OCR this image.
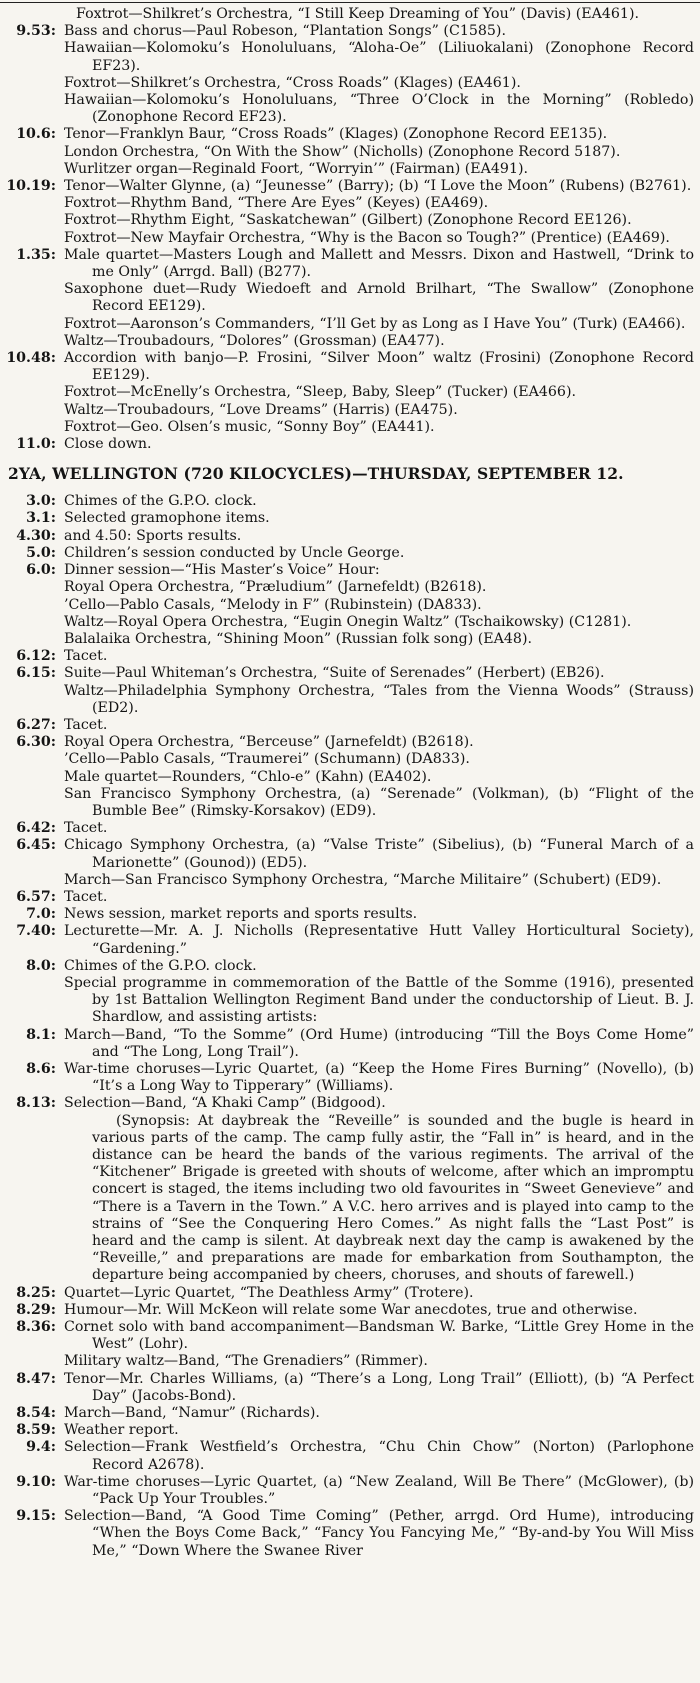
Foxtrot—Shilkret’s Orchestra, “I Still Keep Dreaming of You” (Davis) (EA461).
9.53 : Bass and chorus—Paul Robeson, “Plantation Songs” (C1585).
Hawaiian—Kolomoku’s Honoluluans, “Aloha-Oe” (Liliuokalani) (Zonophone Record EF23).
Foxtrot—Shilkret’s Orchestra, “Cross Roads” (Klages) (EA461).
Hawaiian—Kolomoku’s Honoluluans, “Three O’Clock in the Morning” (Robledo) (Zonophone Record EF23).
10.6 : Tenor—Franklyn Baur, “Cross Roads” (Klages) (Zonophone Record EE135).
London Orchestra, “On With the Show” (Nicholls) (Zonophone Record 5187).
Wurlitzer organ—Reginald Foort, “Worryin’” (Fairman) (EA491).
10.19 : Tenor—Walter Glynne, (a) “Jeunesse” (Barry); (b) “I Love the Moon” (Rubens) (B2761).
Foxtrot—Rhythm Band, “There Are Eyes” (Keyes) (EA469).
Foxtrot—Rhythm Eight, “Saskatchewan” (Gilbert) (Zonophone Record EE126).
Foxtrot—New Mayfair Orchestra, “Why is the Bacon so Tough?” (Prentice) (EA469).
1.35 : Male quartet—Masters Lough and Mallett and Messrs. Dixon and Hastwell, “Drink to me Only” (Arrgd. Ball) (B277).
Saxophone duet—Rudy Wiedoeft and Arnold Brilhart, “The Swallow” (Zonophone Record EE129).
Foxtrot—Aaronson’s Commanders, “I’ll Get by as Long as I Have You” (Turk) (EA466).
Waltz—Troubadours, “Dolores” (Grossman) (EA477).
10.48 : Accordion with banjo—P. Frosini, “Silver Moon” waltz (Frosini) (Zonophone Record EE129).
Foxtrot—McEnelly’s Orchestra, “Sleep, Baby, Sleep” (Tucker) (EA466).
Waltz—Troubadours, “Love Dreams” (Harris) (EA475).
Foxtrot—Geo. Olsen’s music, “Sonny Boy” (EA441).
11.0 : Close down.
2YA, WELLINGTON (720 KILOCYCLES)—THURSDAY, SEPTEMBER 12.
3.0 : Chimes of the G.P.O. clock.
3.1 : Selected gramophone items.
4.30 : and 4.50: Sports results.
5.0 : Children’s session conducted by Uncle George.
6.0 : Dinner session—“His Master’s Voice” Hour:
Royal Opera Orchestra, “Præludium” (Jarnefeldt) (B2618).
’Cello—Pablo Casals, “Melody in F” (Rubinstein) (DA833).
Waltz—Royal Opera Orchestra, “Eugin Onegin Waltz” (Tschaikowsky) (C1281).
Balalaika Orchestra, “Shining Moon” (Russian folk song) (EA48).
6.12 : Tacet.
6.15 : Suite—Paul Whiteman’s Orchestra, “Suite of Serenades” (Herbert) (EB26).
Waltz—Philadelphia Symphony Orchestra, “Tales from the Vienna Woods” (Strauss) (ED2).
6.27 : Tacet.
6.30 : Royal Opera Orchestra, “Berceuse” (Jarnefeldt) (B2618).
’Cello—Pablo Casals, “Traumerei” (Schumann) (DA833).
Male quartet—Rounders, “Chlo-e” (Kahn) (EA402).
San Francisco Symphony Orchestra, (a) “Serenade” (Volkman), (b) “Flight of the Bumble Bee” (Rimsky-Korsakov) (ED9).
6.42 : Tacet.
6.45 : Chicago Symphony Orchestra, (a) “Valse Triste” (Sibelius), (b) “Funeral March of a Marionette” (Gounod)) (ED5).
March—San Francisco Symphony Orchestra, “Marche Militaire” (Schubert) (ED9).
6.57 : Tacet.
7.0 : News session, market reports and sports results.
7.40 : Lecturette—Mr. A. J. Nicholls (Representative Hutt Valley Horticultural Society), “Gardening.”
8.0 : Chimes of the G.P.O. clock.
Special programme in commemoration of the Battle of the Somme (1916), presented by 1st Battalion Wellington Regiment Band under the conductorship of Lieut. B. J. Shardlow, and assisting artists:
8.1 : March—Band, “To the Somme” (Ord Hume) (introducing “Till the Boys Come Home” and “The Long, Long Trail”).
8.6 : War-time choruses—Lyric Quartet, (a) “Keep the Home Fires Burning” (Novello), (b) “It’s a Long Way to Tipperary” (Williams).
8.13 : Selection—Band, “A Khaki Camp” (Bidgood).
(Synopsis: At daybreak the “Reveille” is sounded and the bugle is heard in various parts of the camp. The camp fully astir, the “Fall in” is heard, and in the distance can be heard the bands of the various regiments. The arrival of the “Kitchener” Brigade is greeted with shouts of welcome, after which an impromptu concert is staged, the items including two old favourites in “Sweet Genevieve” and “There is a Tavern in the Town.” A V.C. hero arrives and is played into camp to the strains of “See the Conquering Hero Comes.” As night falls the “Last Post” is heard and the camp is silent. At daybreak next day the camp is awakened by the “Reveille,” and preparations are made for embarkation from Southampton, the departure being accompanied by cheers, choruses, and shouts of farewell.)
8.25 : Quartet—Lyric Quartet, “The Deathless Army” (Trotere).
8.29 : Humour—Mr. Will McKeon will relate some War anecdotes, true and otherwise.
8.36 : Cornet solo with band accompaniment—Bandsman W. Barke, “Little Grey Home in the West” (Lohr).
Military waltz—Band, “The Grenadiers” (Rimmer).
8.47 : Tenor—Mr. Charles Williams, (a) “There’s a Long, Long Trail” (Elliott), (b) “A Perfect Day” (Jacobs-Bond).
8.54 : March—Band, “Namur” (Richards).
8.59 : Weather report.
9.4 : Selection—Frank Westfield’s Orchestra, “Chu Chin Chow” (Norton) (Parlophone Record A2678).
9.10 : War-time choruses—Lyric Quartet, (a) “New Zealand, Will Be There” (McGlower), (b) “Pack Up Your Troubles.”
9.15 : Selection—Band, “A Good Time Coming” (Pether, arrgd. Ord Hume), introducing “When the Boys Come Back,” “Fancy You Fancying Me,” “By-and-by You Will Miss Me,” “Down Where the Swanee River
